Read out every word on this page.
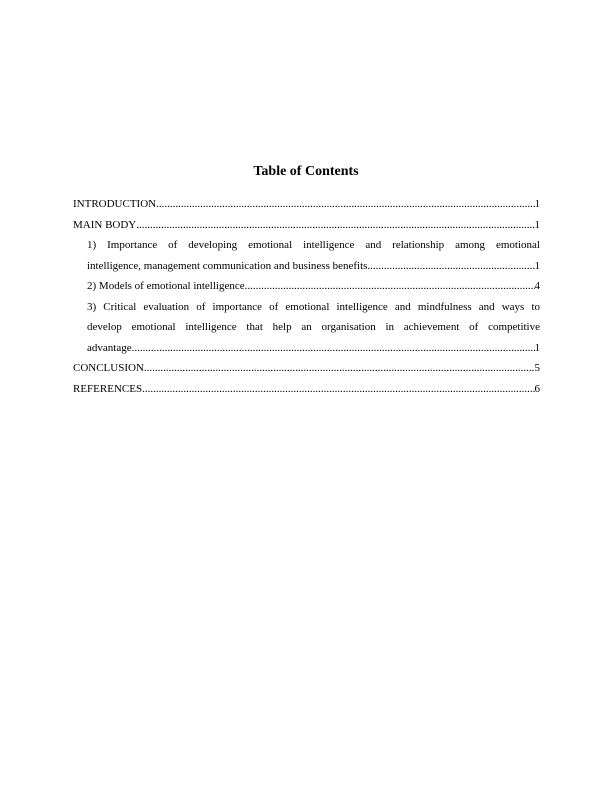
Table of Contents
INTRODUCTION .....	1
MAIN BODY .....	1
1) Importance of developing emotional intelligence and relationship among emotional
intelligence, management communication and business benefits .....	1
2) Models of emotional intelligence .....	4
3) Critical evaluation of importance of emotional intelligence and mindfulness and ways to
develop emotional intelligence that help an organisation in achievement of competitive
advantage .....	1
CONCLUSION .....	5
REFERENCES .....	6
